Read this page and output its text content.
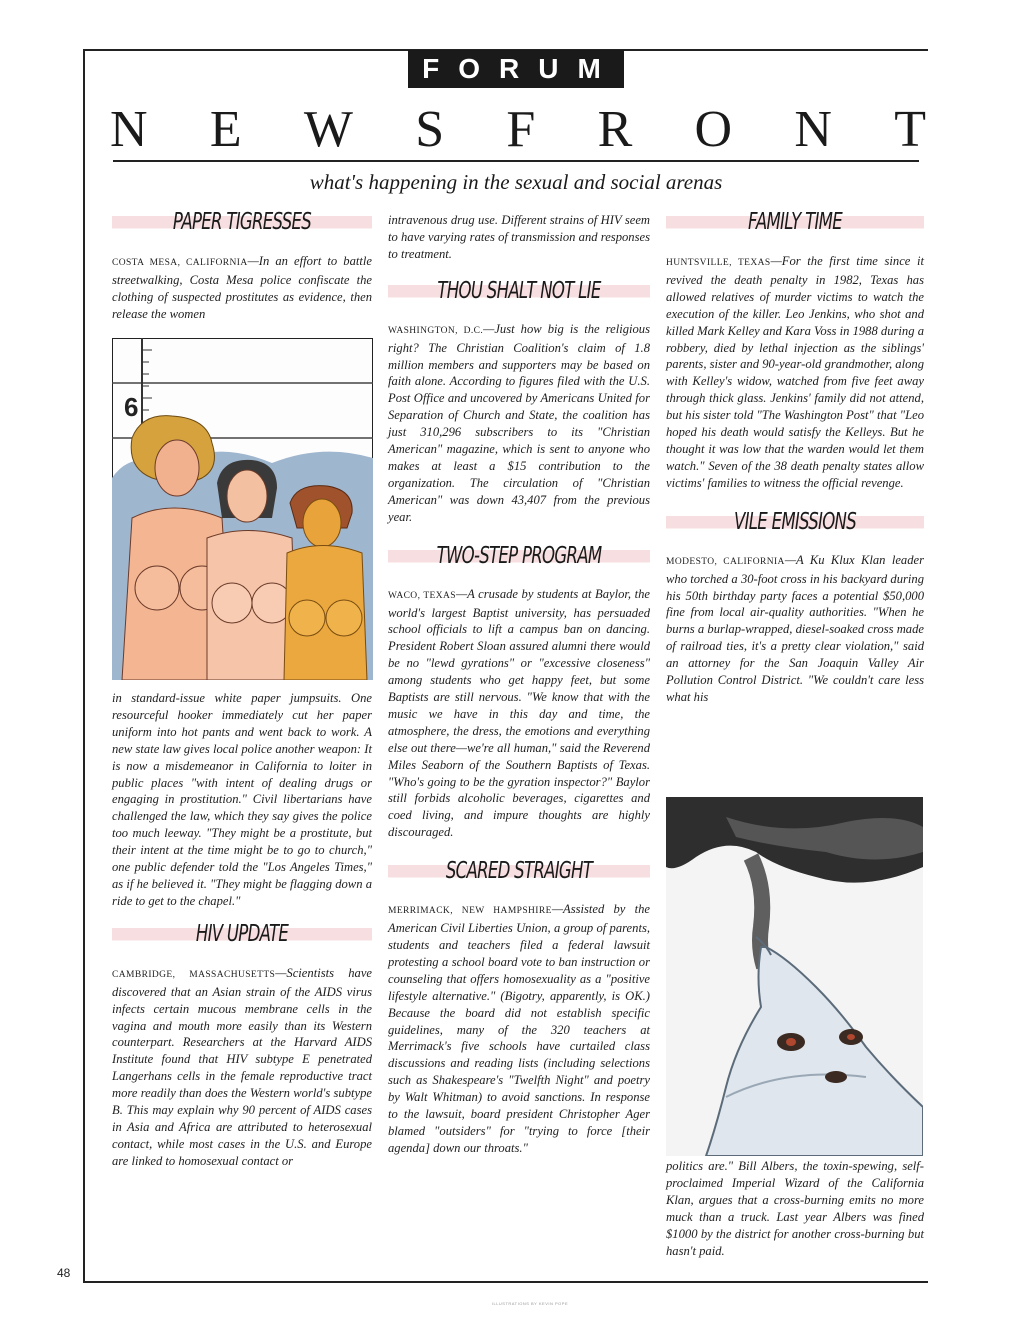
FORUM
N E W S F R O N T
what's happening in the sexual and social arenas
PAPER TIGRESSES

COSTA MESA, CALIFORNIA—In an effort to battle streetwalking, Costa Mesa police confiscate the clothing of suspected prostitutes as evidence, then release the women

6

in standard-issue white paper jumpsuits. One resourceful hooker immediately cut her paper uniform into hot pants and went back to work. A new state law gives local police another weapon: It is now a misdemeanor in California to loiter in public places "with intent of dealing drugs or engaging in prostitution." Civil libertarians have challenged the law, which they say gives the police too much leeway. "They might be a prostitute, but their intent at the time might be to go to church," one public defender told the "Los Angeles Times," as if he believed it. "They might be flagging down a ride to get to the chapel."

HIV UPDATE

CAMBRIDGE, MASSACHUSETTS—Scientists have discovered that an Asian strain of the AIDS virus infects certain mucous membrane cells in the vagina and mouth more easily than its Western counterpart. Researchers at the Harvard AIDS Institute found that HIV subtype E penetrated Langerhans cells in the female reproductive tract more readily than does the Western world's subtype B. This may explain why 90 percent of AIDS cases in Asia and Africa are attributed to heterosexual contact, while most cases in the U.S. and Europe are linked to homosexual contact or

intravenous drug use. Different strains of HIV seem to have varying rates of transmission and responses to treatment.

THOU SHALT NOT LIE

WASHINGTON, D.C.—Just how big is the religious right? The Christian Coalition's claim of 1.8 million members and supporters may be based on faith alone. According to figures filed with the U.S. Post Office and uncovered by Americans United for Separation of Church and State, the coalition has just 310,296 subscribers to its "Christian American" magazine, which is sent to anyone who makes at least a $15 contribution to the organization. The circulation of "Christian American" was down 43,407 from the previous year.

TWO-STEP PROGRAM

WACO, TEXAS—A crusade by students at Baylor, the world's largest Baptist university, has persuaded school officials to lift a campus ban on dancing. President Robert Sloan assured alumni there would be no "lewd gyrations" or "excessive closeness" among students who get happy feet, but some Baptists are still nervous. "We know that with the music we have in this day and time, the atmosphere, the dress, the emotions and everything else out there—we're all human," said the Reverend Miles Seaborn of the Southern Baptists of Texas. "Who's going to be the gyration inspector?" Baylor still forbids alcoholic beverages, cigarettes and coed living, and impure thoughts are highly discouraged.

SCARED STRAIGHT

MERRIMACK, NEW HAMPSHIRE—Assisted by the American Civil Liberties Union, a group of parents, students and teachers filed a federal lawsuit protesting a school board vote to ban instruction or counseling that offers homosexuality as a "positive lifestyle alternative." (Bigotry, apparently, is OK.) Because the board did not establish specific guidelines, many of the 320 teachers at Merrimack's five schools have curtailed class discussions and reading lists (including selections such as Shakespeare's "Twelfth Night" and poetry by Walt Whitman) to avoid sanctions. In response to the lawsuit, board president Christopher Ager blamed "outsiders" for "trying to force [their agenda] down our throats."

FAMILY TIME

HUNTSVILLE, TEXAS—For the first time since it revived the death penalty in 1982, Texas has allowed relatives of murder victims to watch the execution of the killer. Leo Jenkins, who shot and killed Mark Kelley and Kara Voss in 1988 during a robbery, died by lethal injection as the siblings' parents, sister and 90-year-old grandmother, along with Kelley's widow, watched from five feet away through thick glass. Jenkins' family did not attend, but his sister told "The Washington Post" that "Leo hoped his death would satisfy the Kelleys. But he thought it was low that the warden would let them watch." Seven of the 38 death penalty states allow victims' families to witness the official revenge.

VILE EMISSIONS

MODESTO, CALIFORNIA—A Ku Klux Klan leader who torched a 30-foot cross in his backyard during his 50th birthday party faces a potential $50,000 fine from local air-quality authorities. "When he burns a burlap-wrapped, diesel-soaked cross made of railroad ties, it's a pretty clear violation," said an attorney for the San Joaquin Valley Air Pollution Control District. "We couldn't care less what his

politics are." Bill Albers, the toxin-spewing, self-proclaimed Imperial Wizard of the California Klan, argues that a cross-burning emits no more muck than a truck. Last year Albers was fined $1000 by the district for another cross-burning but hasn't paid.

48
ILLUSTRATIONS BY KEVIN POPE
